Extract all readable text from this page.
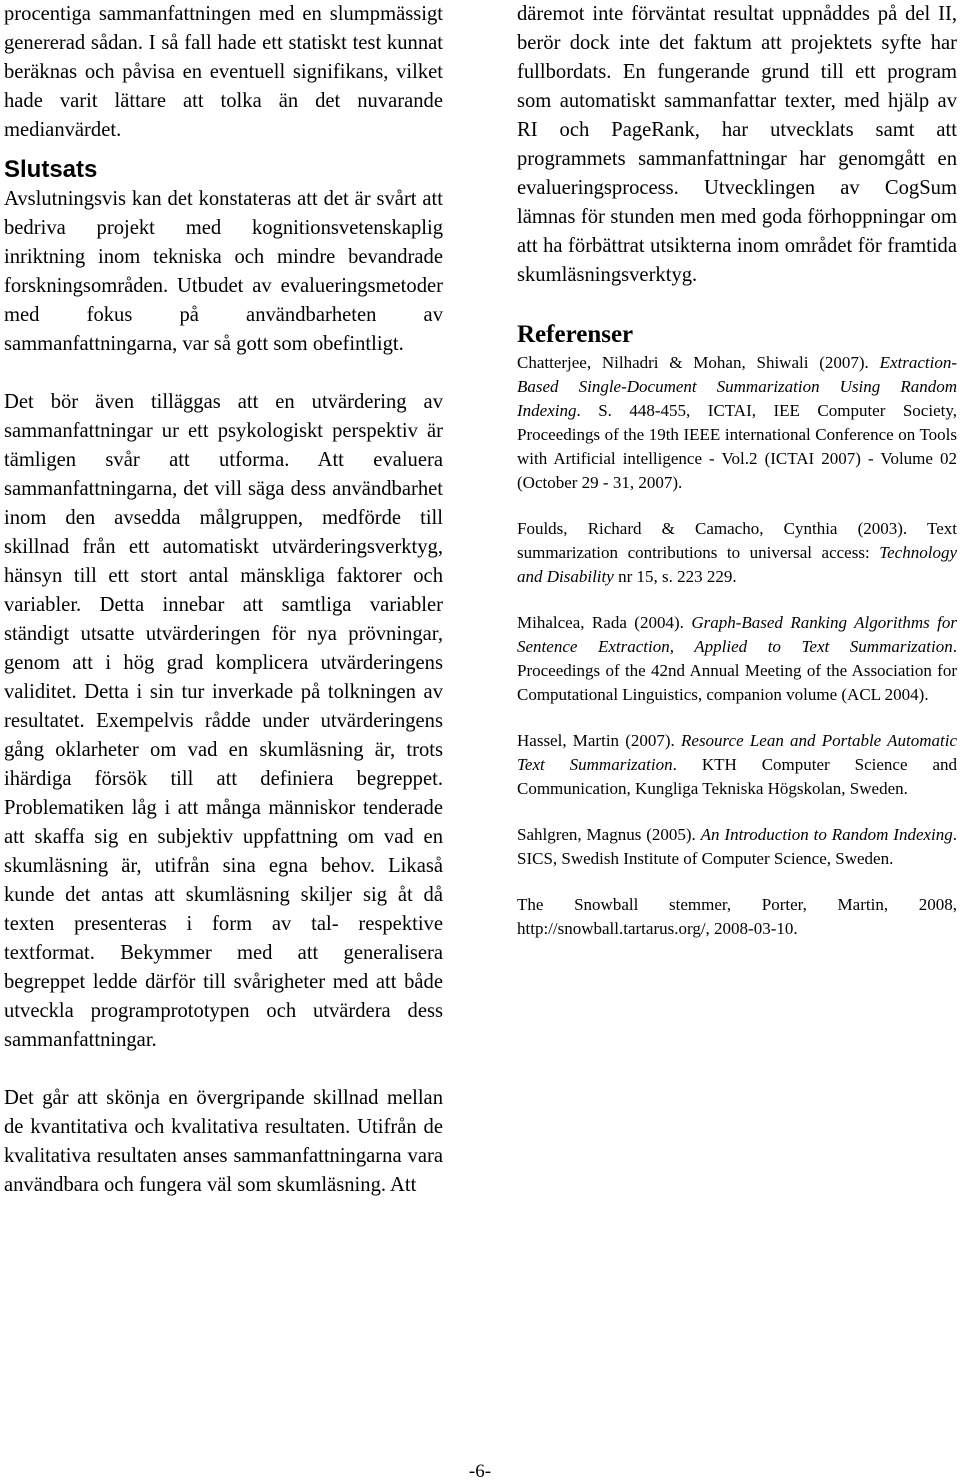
procentiga sammanfattningen med en slumpmässigt genererad sådan. I så fall hade ett statiskt test kunnat beräknas och påvisa en eventuell signifikans, vilket hade varit lättare att tolka än det nuvarande medianvärdet.

Slutsats

Avslutningsvis kan det konstateras att det är svårt att bedriva projekt med kognitionsvetenskaplig inriktning inom tekniska och mindre bevandrade forskningsområden. Utbudet av evalueringsmetoder med fokus på användbarheten av sammanfattningarna, var så gott som obefintligt.

Det bör även tilläggas att en utvärdering av sammanfattningar ur ett psykologiskt perspektiv är tämligen svår att utforma. Att evaluera sammanfattningarna, det vill säga dess användbarhet inom den avsedda målgruppen, medförde till skillnad från ett automatiskt utvärderingsverktyg, hänsyn till ett stort antal mänskliga faktorer och variabler. Detta innebar att samtliga variabler ständigt utsatte utvärderingen för nya prövningar, genom att i hög grad komplicera utvärderingens validitet. Detta i sin tur inverkade på tolkningen av resultatet. Exempelvis rådde under utvärderingens gång oklarheter om vad en skumläsning är, trots ihärdiga försök till att definiera begreppet. Problematiken låg i att många människor tenderade att skaffa sig en subjektiv uppfattning om vad en skumläsning är, utifrån sina egna behov. Likaså kunde det antas att skumläsning skiljer sig åt då texten presenteras i form av tal- respektive textformat. Bekymmer med att generalisera begreppet ledde därför till svårigheter med att både utveckla programprototypen och utvärdera dess sammanfattningar.

Det går att skönja en övergripande skillnad mellan de kvantitativa och kvalitativa resultaten. Utifrån de kvalitativa resultaten anses sammanfattningarna vara användbara och fungera väl som skumläsning. Att

däremot inte förväntat resultat uppnåddes på del II, berör dock inte det faktum att projektets syfte har fullbordats. En fungerande grund till ett program som automatiskt sammanfattar texter, med hjälp av RI och PageRank, har utvecklats samt att programmets sammanfattningar har genomgått en evalueringsprocess. Utvecklingen av CogSum lämnas för stunden men med goda förhoppningar om att ha förbättrat utsikterna inom området för framtida skumläsningsverktyg.

Referenser

Chatterjee, Nilhadri & Mohan, Shiwali (2007). Extraction-Based Single-Document Summarization Using Random Indexing. S. 448-455, ICTAI, IEE Computer Society, Proceedings of the 19th IEEE international Conference on Tools with Artificial intelligence - Vol.2 (ICTAI 2007) - Volume 02 (October 29 - 31, 2007).

Foulds, Richard & Camacho, Cynthia (2003). Text summarization contributions to universal access: Technology and Disability nr 15, s. 223 229.

Mihalcea, Rada (2004). Graph-Based Ranking Algorithms for Sentence Extraction, Applied to Text Summarization. Proceedings of the 42nd Annual Meeting of the Association for Computational Linguistics, companion volume (ACL 2004).

Hassel, Martin (2007). Resource Lean and Portable Automatic Text Summarization. KTH Computer Science and Communication, Kungliga Tekniska Högskolan, Sweden.

Sahlgren, Magnus (2005). An Introduction to Random Indexing. SICS, Swedish Institute of Computer Science, Sweden.

The Snowball stemmer, Porter, Martin, 2008, http://snowball.tartarus.org/, 2008-03-10.

-6-
